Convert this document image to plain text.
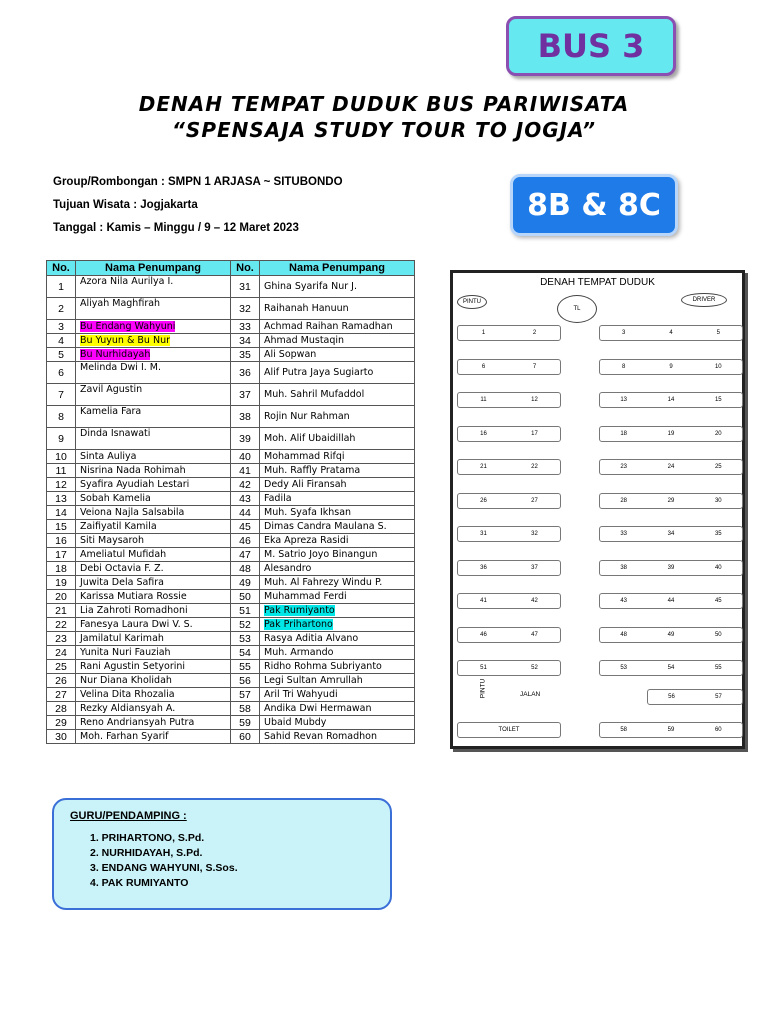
BUS 3
DENAH TEMPAT DUDUK BUS PARIWISATA
“SPENSAJA STUDY TOUR TO JOGJA”
Group/Rombongan : SMPN 1 ARJASA ~ SITUBONDO
Tujuan Wisata : Jogjakarta
Tanggal : Kamis – Minggu / 9 – 12 Maret 2023
8B & 8C
No.	Nama Penumpang	No.	Nama Penumpang
1	Azora Nila Aurilya I.	31	Ghina Syarifa Nur J.
2	Aliyah Maghfirah	32	Raihanah Hanuun
3	Bu Endang Wahyuni	33	Achmad Raihan Ramadhan
4	Bu Yuyun & Bu Nur	34	Ahmad Mustaqin
5	Bu Nurhidayah	35	Ali Sopwan
6	Melinda Dwi I. M.	36	Alif Putra Jaya Sugiarto
7	Zavil Agustin	37	Muh. Sahril Mufaddol
8	Kamelia Fara	38	Rojin Nur Rahman
9	Dinda Isnawati	39	Moh. Alif Ubaidillah
10	Sinta Auliya	40	Mohammad Rifqi
11	Nisrina Nada Rohimah	41	Muh. Raffly Pratama
12	Syafira Ayudiah Lestari	42	Dedy Ali Firansah
13	Sobah Kamelia	43	Fadila
14	Veiona Najla Salsabila	44	Muh. Syafa Ikhsan
15	Zaifiyatil Kamila	45	Dimas Candra Maulana S.
16	Siti Maysaroh	46	Eka Apreza Rasidi
17	Ameliatul Mufidah	47	M. Satrio Joyo Binangun
18	Debi Octavia F. Z.	48	Alesandro
19	Juwita Dela Safira	49	Muh. Al Fahrezy Windu P.
20	Karissa Mutiara Rossie	50	Muhammad Ferdi
21	Lia Zahroti Romadhoni	51	Pak Rumiyanto
22	Fanesya Laura Dwi V. S.	52	Pak Prihartono
23	Jamilatul Karimah	53	Rasya Aditia Alvano
24	Yunita Nuri Fauziah	54	Muh. Armando
25	Rani Agustin Setyorini	55	Ridho Rohma Subriyanto
26	Nur Diana Kholidah	56	Legi Sultan Amrullah
27	Velina Dita Rhozalia	57	Aril Tri Wahyudi
28	Rezky Aldiansyah A.	58	Andika Dwi Hermawan
29	Reno Andriansyah Putra	59	Ubaid Mubdy
30	Moh. Farhan Syarif	60	Sahid Revan Romadhon
DENAH TEMPAT DUDUK
PINTU
TL
DRIVER
PINTU	JALAN
1	2	3	4	5
6	7	8	9	10
11	12	13	14	15
16	17	18	19	20
21	22	23	24	25
26	27	28	29	30
31	32	33	34	35
36	37	38	39	40
41	42	43	44	45
46	47	48	49	50
51	52	53	54	55
56	57
58	59	60
TOILET
GURU/PENDAMPING :
1. PRIHARTONO, S.Pd.
2. NURHIDAYAH, S.Pd.
3. ENDANG WAHYUNI, S.Sos.
4. PAK RUMIYANTO
